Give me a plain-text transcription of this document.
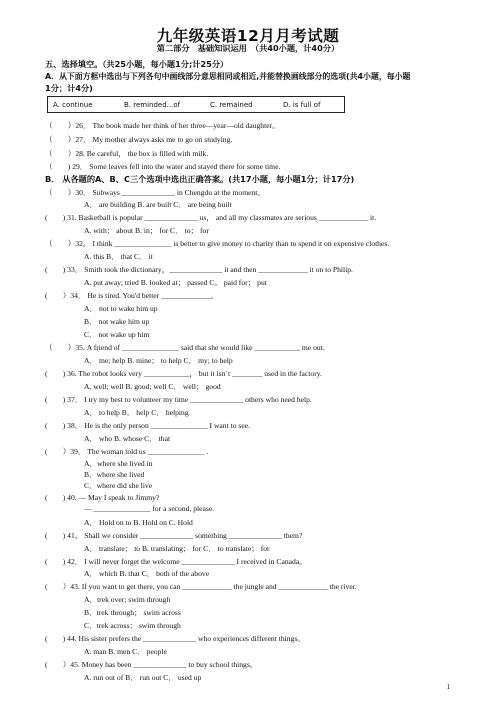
九年级英语12月月考试题
第二部分　基础知识运用　（共40小题，计40分）
五、选择填空。（共25小题，每小题1分;计25分）
A．从下面方框中选出与下列各句中画线部分意思相同或相近,并能替换画线部分的选项(共4小题，每小题
1分；计4分)
A. continue	B. reminded...of	C. remained	D. is full of
（　　）26． The book made her think of her three—year—old daughter。
（　　）27． My mother always asks me to go on studying.
（　　）28. Be careful， the box is filled with milk.
（　　) 29． Some leaves fell into the water and stayed there for some time.
B． 从各题的A、B、C三个选项中选出正确答案。(共17小题，每小题1分；计17分)
（　　）30． Subways ______________ in Chengdu at the moment。
A． are building B. are built C． are being built
(　　) 31. Basketball is popular ______________ us， and all my classmates are serious _____________ it.
A. with； about B. in； for C． to； for
（　　）32。 I think _______________ is better to give money to charity than to spend it on expensive clothes.
A. this B． that C． it
(　　) 33． Smith took the dictionary，______________ it and then _____________ it on to Philip.
A. put away; tried B. looked at； passed C。 paid for； put
(　　）34． He is tired. You'd better _____________。
A． not to wake him up
B． not wake him up
C． not wake up him
（　　）35. A friend of _______________ said that she would like ____________ me out.
A． me; help B. mine； to help C． my; to help
(　　) 36. The robot looks very ____________， but it isn`t ________ used in the factory.
A. well; well B. good; well C． well； good
(　　) 37． I try my best to volunteer my time ______________ others who need help.
A． to help B． help C． helping
(　　) 38． He is the only person _______________ I want to see.
A． who B. whose C． that
(　　）39． The woman told us _______________ .
A．where she lived in
B．where she lived
C．where did she live
(　　) 40. — May I speak to Jimmy?
— _______________ for a second, please.
A． Hold on to B. Hold on C. Hold
(　　) 41。 Shall we consider ______________ something ______________ them?
A． translate； to B. translating； for C． to translate； for
(　　) 42． I will never forget the welcome ______________ I received in Canada。
A． which B. that C． both of the above
(　　）43. If you want to get there, you can _____________ the jungle and _____________ the river.
A．trek over; swim through
B．trek through； swim across
C．trek across； swim through
(　　) 44. His sister prefers the ______________ who experiences different things。
A. man B. men C． people
(　　）45. Money has been ______________ to buy school things。
A. run out of B． run out C． used up
1
